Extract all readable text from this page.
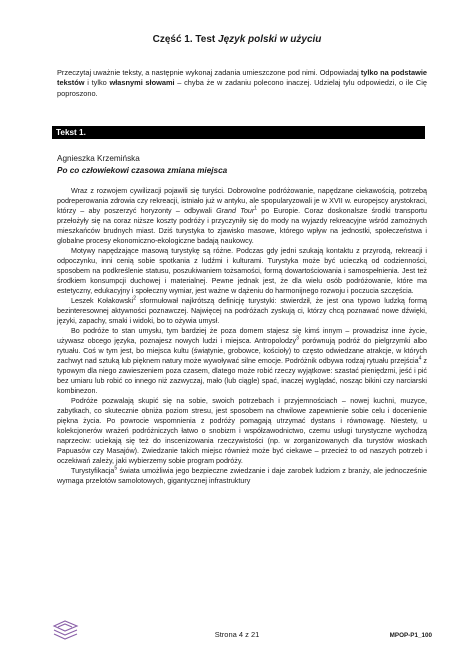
Część 1. Test Język polski w użyciu
Przeczytaj uważnie teksty, a następnie wykonaj zadania umieszczone pod nimi. Odpowiadaj tylko na podstawie tekstów i tylko własnymi słowami – chyba że w zadaniu polecono inaczej. Udzielaj tylu odpowiedzi, o ile Cię poproszono.
Tekst 1.
Agnieszka Krzemińska
Po co człowiekowi czasowa zmiana miejsca

Wraz z rozwojem cywilizacji pojawili się turyści. Dobrowolne podróżowanie, napędzane ciekawością, potrzebą podreperowania zdrowia czy rekreacji, istniało już w antyku, ale spopularyzowali je w XVII w. europejscy arystokraci, którzy – aby poszerzyć horyzonty – odbywali Grand Tour$^1$ po Europie. Coraz doskonalsze środki transportu przełożyły się na coraz niższe koszty podróży i przyczyniły się do mody na wyjazdy rekreacyjne wśród zamożnych mieszkańców brudnych miast. Dziś turystyka to zjawisko masowe, którego wpływ na jednostki, społeczeństwa i globalne procesy ekonomiczno-ekologiczne badają naukowcy.

Motywy napędzające masową turystykę są różne. Podczas gdy jedni szukają kontaktu z przyrodą, rekreacji i odpoczynku, inni cenią sobie spotkania z ludźmi i kulturami. Turystyka może być ucieczką od codzienności, sposobem na podkreślenie statusu, poszukiwaniem tożsamości, formą dowartościowania i samospełnienia. Jest też środkiem konsumpcji duchowej i materialnej. Pewne jednak jest, że dla wielu osób podróżowanie, które ma estetyczny, edukacyjny i społeczny wymiar, jest ważne w dążeniu do harmonijnego rozwoju i poczucia szczęścia.

Leszek Kołakowski$^2$ sformułował najkrótszą definicję turystyki: stwierdził, że jest ona typowo ludzką formą bezinteresownej aktywności poznawczej. Najwięcej na podróżach zyskują ci, którzy chcą poznawać nowe dźwięki, języki, zapachy, smaki i widoki, bo to ożywia umysł.

Bo podróże to stan umysłu, tym bardziej że poza domem stajesz się kimś innym – prowadzisz inne życie, używasz obcego języka, poznajesz nowych ludzi i miejsca. Antropolodzy$^3$ porównują podróż do pielgrzymki albo rytuału. Coś w tym jest, bo miejsca kultu (świątynie, grobowce, kościoły) to często odwiedzane atrakcje, w których zachwyt nad sztuką lub pięknem natury może wywoływać silne emocje. Podróżnik odbywa rodzaj rytuału przejścia$^4$ z typowym dla niego zawieszeniem poza czasem, dlatego może robić rzeczy wyjątkowe: szastać pieniędzmi, jeść i pić bez umiaru lub robić co innego niż zazwyczaj, mało (lub ciągle) spać, inaczej wyglądać, nosząc bikini czy narciarski kombinezon.

Podróże pozwalają skupić się na sobie, swoich potrzebach i przyjemnościach – nowej kuchni, muzyce, zabytkach, co skutecznie obniża poziom stresu, jest sposobem na chwilowe zapewnienie sobie celu i docenienie piękna życia. Po powrocie wspomnienia z podróży pomagają utrzymać dystans i równowagę. Niestety, u kolekcjonerów wrażeń podróżniczych łatwo o snobizm i współzawodnictwo, czemu usługi turystyczne wychodzą naprzeciw: uciekają się też do inscenizowania rzeczywistości (np. w zorganizowanych dla turystów wioskach Papuasów czy Masajów). Zwiedzanie takich miejsc również może być ciekawe – przecież to od naszych potrzeb i oczekiwań zależy, jaki wybierzemy sobie program podróży.

Turystyfikacja$^5$ świata umożliwia jego bezpieczne zwiedzanie i daje zarobek ludziom z branży, ale jednocześnie wymaga przelotów samolotowych, gigantycznej infrastruktury

Strona 4 z 21	MPOP-P1_100
